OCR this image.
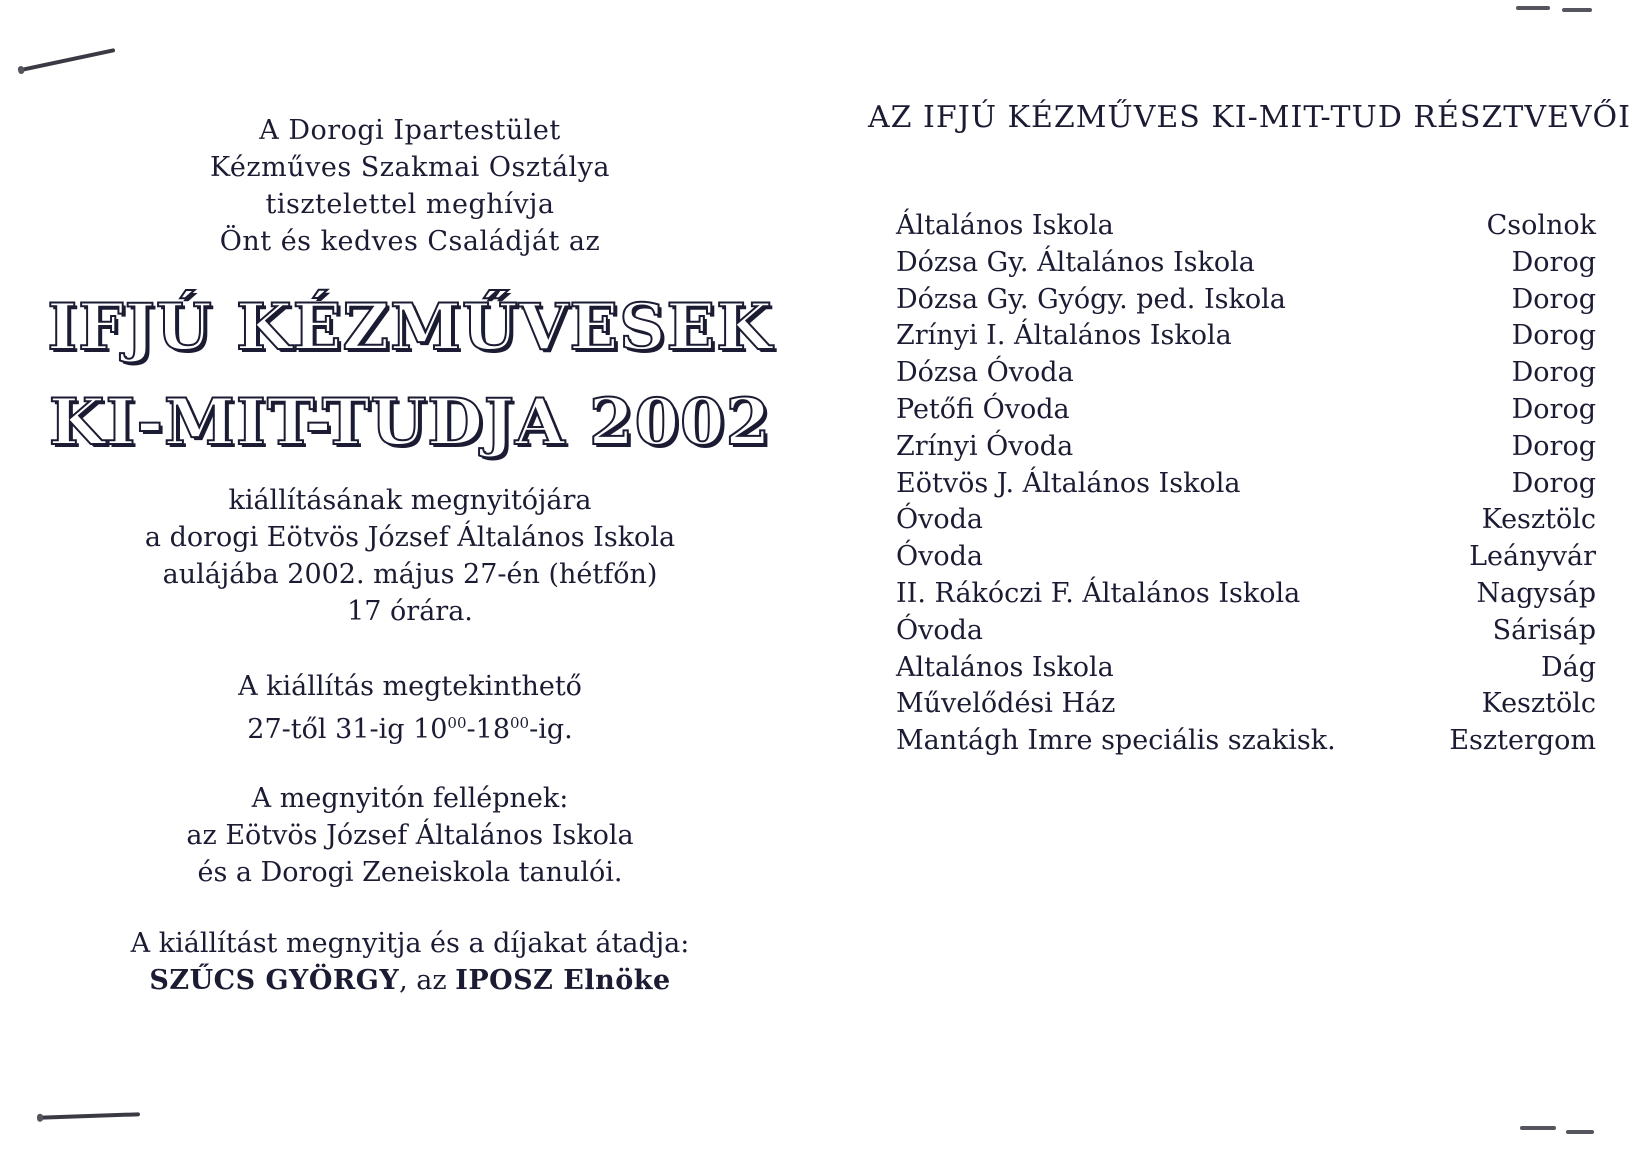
A Dorogi Ipartestület
Kézműves Szakmai Osztálya
tisztelettel meghívja
Önt és kedves Családját az
IFJÚ KÉZMŰVESEK
KI-MIT-TUDJA 2002
kiállításának megnyitójára
a dorogi Eötvös József Általános Iskola
aulájába 2002. május 27-én (hétfőn)
17 órára.
A kiállítás megtekinthető
27-től 31-ig $10^{00}-18^{00}-ig$.
A megnyitón fellépnek:
az Eötvös József Általános Iskola
és a Dorogi Zeneiskola tanulói.
A kiállítást megnyitja és a díjakat átadja:
SZŰCS GYÖRGY, az IPOSZ Elnöke
AZ IFJÚ KÉZMŰVES KI-MIT-TUD RÉSZTVEVŐI
Általános Iskola	Csolnok
Dózsa Gy. Általános Iskola	Dorog
Dózsa Gy. Gyógy. ped. Iskola	Dorog
Zrínyi I. Általános Iskola	Dorog
Dózsa Óvoda	Dorog
Petőfi Óvoda	Dorog
Zrínyi Óvoda	Dorog
Eötvös J. Általános Iskola	Dorog
Óvoda	Kesztölc
Óvoda	Leányvár
II. Rákóczi F. Általános Iskola	Nagysáp
Óvoda	Sárisáp
Altalános Iskola	Dág
Művelődési Ház	Kesztölc
Mantágh Imre speciális szakisk.	Esztergom
